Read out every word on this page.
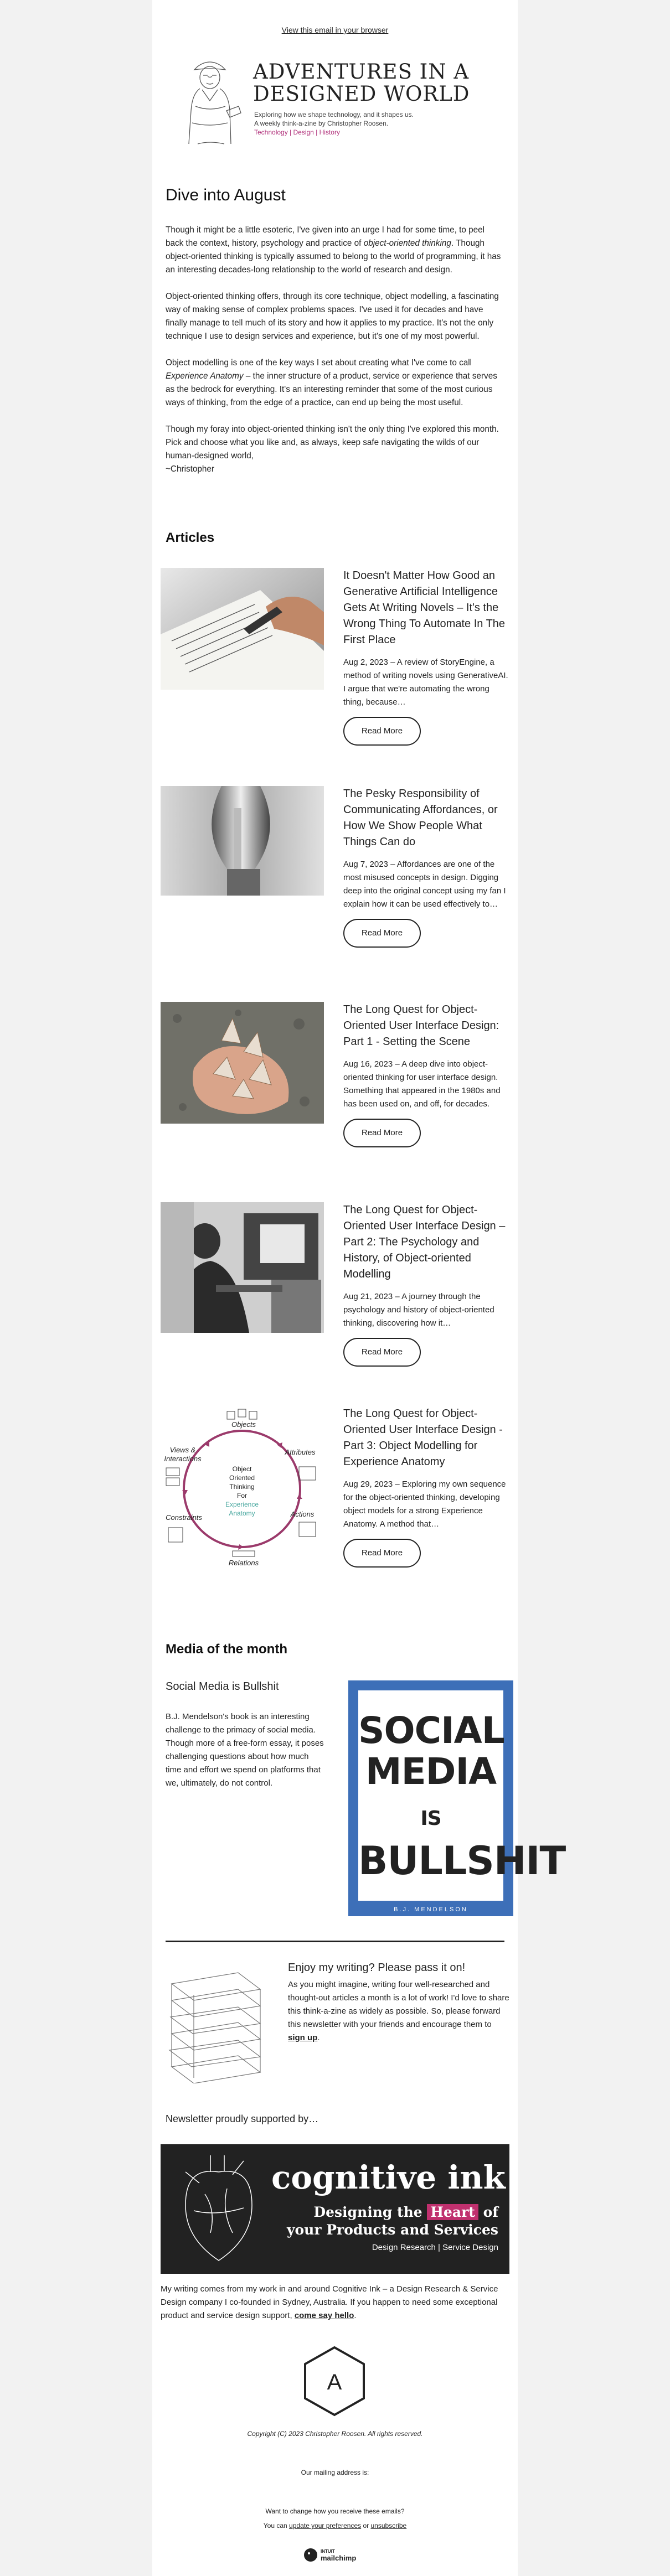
View this email in your browser
ADVENTURES IN A
DESIGNED WORLD
Exploring how we shape technology, and it shapes us.
A weekly think-a-zine by Christopher Roosen.
Technology | Design | History
Dive into August

Though it might be a little esoteric, I've given into an urge I had for some time, to peel back the context, history, psychology and practice of object-oriented thinking. Though object-oriented thinking is typically assumed to belong to the world of programming, it has an interesting decades-long relationship to the world of research and design.

Object-oriented thinking offers, through its core technique, object modelling, a fascinating way of making sense of complex problems spaces. I've used it for decades and have finally manage to tell much of its story and how it applies to my practice. It's not the only technique I use to design services and experience, but it's one of my most powerful.

Object modelling is one of the key ways I set about creating what I've come to call Experience Anatomy – the inner structure of a product, service or experience that serves as the bedrock for everything. It's an interesting reminder that some of the most curious ways of thinking, from the edge of a practice, can end up being the most useful.

Though my foray into object-oriented thinking isn't the only thing I've explored this month. Pick and choose what you like and, as always, keep safe navigating the wilds of our human-designed world,

~Christopher

Articles
It Doesn't Matter How Good an Generative Artificial Intelligence Gets At Writing Novels – It's the Wrong Thing To Automate In The First Place
Aug 2, 2023 – A review of StoryEngine, a method of writing novels using GenerativeAI. I argue that we're automating the wrong thing, because…
Read More
The Pesky Responsibility of Communicating Affordances, or How We Show People What Things Can do
Aug 7, 2023 – Affordances are one of the most misused concepts in design. Digging deep into the original concept using my fan I explain how it can be used effectively to…
Read More
The Long Quest for Object-Oriented User Interface Design: Part 1 - Setting the Scene
Aug 16, 2023 – A deep dive into object-oriented thinking for user interface design. Something that appeared in the 1980s and has been used on, and off, for decades.
Read More
The Long Quest for Object-Oriented User Interface Design – Part 2: The Psychology and History, of Object-oriented Modelling
Aug 21, 2023 – A journey through the psychology and history of object-oriented thinking, discovering how it…
Read More
Object
Oriented
Thinking
For
Experience
Anatomy
Objects
Views &
Interactions
Attributes
Constraints	Actions
Relations
The Long Quest for Object-Oriented User Interface Design - Part 3: Object Modelling for Experience Anatomy
Aug 29, 2023 – Exploring my own sequence for the object-oriented thinking, developing object models for a strong Experience Anatomy. A method that…
Read More
Media of the month
Social Media is Bullshit
B.J. Mendelson's book is an interesting challenge to the primacy of social media. Though more of a free-form essay, it poses challenging questions about how much time and effort we spend on platforms that we, ultimately, do not control.
SOCIAL
MEDIA IS
BULLSHIT
B.J. MENDELSON
Enjoy my writing? Please pass it on!
As you might imagine, writing four well-researched and thought-out articles a month is a lot of work! I'd love to share this think-a-zine as widely as possible. So, please forward this newsletter with your friends and encourage them to sign up.
Newsletter proudly supported by…
cognitive ink
Designing the Heart of
your Products and Services
Design Research | Service Design
My writing comes from my work in and around Cognitive Ink – a Design Research & Service Design company I co-founded in Sydney, Australia. If you happen to need some exceptional product and service design support, come say hello.
A
Copyright (C) 2023 Christopher Roosen. All rights reserved.
Our mailing address is:
Want to change how you receive these emails?
You can update your preferences or unsubscribe
INTUIT
mailchimp
